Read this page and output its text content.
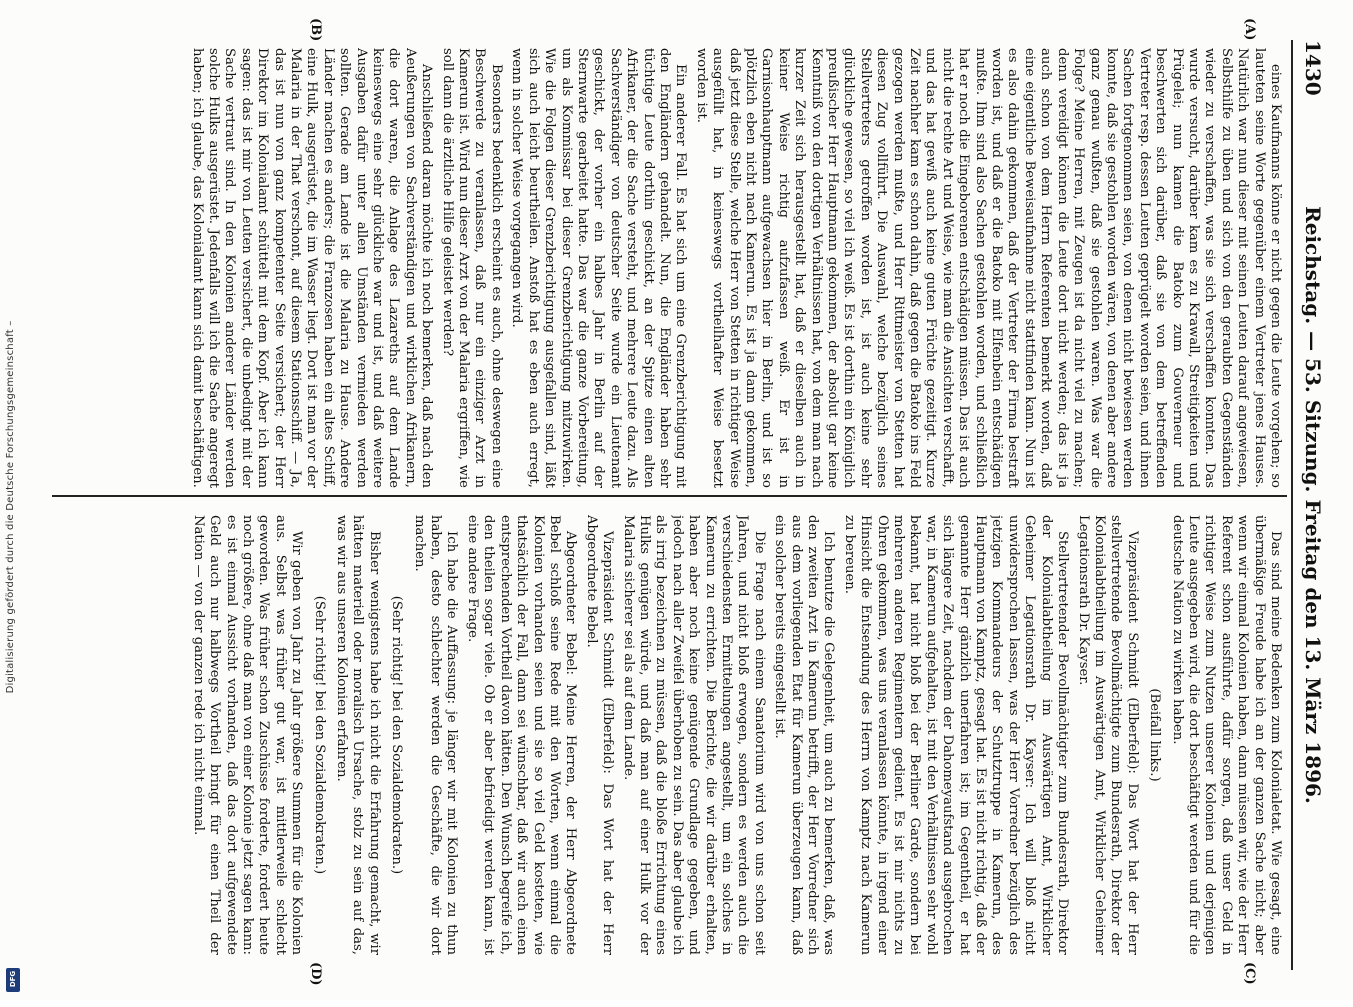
1430
Reichstag. — 53. Sitzung. Freitag den 13. März 1896.
(A)
(B)
(C)
(D)

eines Kaufmanns könne er nicht gegen die Leute vorgehen; so lauteten seine Worte gegenüber einem Vertreter jenes Hauses. Natürlich war nun dieser mit seinen Leuten darauf angewiesen, Selbsthilfe zu üben und sich von den geraubten Gegenständen wieder zu verschaffen, was sie sich verschaffen konnten. Das wurde versucht, darüber kam es zu Krawall, Streitigkeiten und Prügelei; nun kamen die Batoko zum Gouverneur und beschwerten sich darüber, daß sie von dem betreffenden Vertreter resp. dessen Leuten geprügelt worden seien, und ihnen Sachen fortgenommen seien, von denen nicht bewiesen werden konnte, daß sie gestohlen worden wären, von denen aber andere ganz genau wußten, daß sie gestohlen waren. Was war die Folge? Meine Herren, mit Zeugen ist da nicht viel zu machen; denn vereidigt können die Leute dort nicht werden; das ist ja auch schon von dem Herrn Referenten bemerkt worden, daß eine eigentliche Beweisaufnahme nicht stattfinden kann. Nun ist es also dahin gekommen, daß der Vertreter der Firma bestraft worden ist, und daß er die Batoko mit Elfenbein entschädigen mußte. Ihm sind also Sachen gestohlen worden, und schließlich hat er noch die Eingeborenen entschädigen müssen. Das ist auch nicht die rechte Art und Weise, wie man die Ansichten verschafft, und das hat gewiß auch keine guten Früchte gezeitigt. Kurze Zeit nachher kam es schon dahin, daß gegen die Batoko ins Feld gezogen werden mußte, und Herr Rittmeister von Stetten hat diesen Zug vollführt. Die Auswahl, welche bezüglich seines Stellvertreters getroffen worden ist, ist auch keine sehr glückliche gewesen, so viel ich weiß. Es ist dorthin ein Königlich preußischer Herr Hauptmann gekommen, der absolut gar keine Kenntniß von den dortigen Verhältnissen hat, von dem man nach kurzer Zeit sich herausgestellt hat, daß er dieselben auch in keiner Weise richtig aufzufassen weiß. Er ist in Garnisonhauptmann aufgewachsen hier in Berlin, und ist so plötzlich eben nicht nach Kamerun. Es ist ja dann gekommen, daß jetzt diese Stelle, welche Herr von Stetten in richtiger Weise ausgefüllt hat, in keineswegs vortheilhafter Weise besetzt worden ist.

Ein anderer Fall. Es hat sich um eine Grenzberichtigung mit den Engländern gehandelt. Nun, die Engländer haben sehr tüchtige Leute dorthin geschickt, an der Spitze einen alten Afrikaner, der die Sache versteht, und mehrere Leute dazu. Als Sachverständiger von deutscher Seite wurde ein Lieutenant geschickt, der vorher ein halbes Jahr in Berlin auf der Sternwarte gearbeitet hatte. Das war die ganze Vorbereitung, um als Kommissar bei dieser Grenzberichtigung mitzuwirken. Wie die Folgen dieser Grenzberichtigung ausgefallen sind, läßt sich auch leicht beurtheilen. Anstoß hat es eben auch erregt, wenn in solcher Weise vorgegangen wird.

Besonders bedenklich erscheint es auch, ohne deswegen eine Beschwerde zu veranlassen, daß nur ein einziger Arzt in Kamerun ist. Wird nun dieser Arzt von der Malaria ergriffen, wie soll dann die ärztliche Hilfe geleistet werden?

Anschließend daran möchte ich noch bemerken, daß nach den Aeußerungen von Sachverständigen und wirklichen Afrikanern, die dort waren, die Anlage des Lazareths auf dem Lande keineswegs eine sehr glückliche war und ist, und daß weitere Ausgaben dafür unter allen Umständen vermieden werden sollten. Gerade am Lande ist die Malaria zu Hause. Andere Länder machen es anders; die Franzosen haben ein altes Schiff, eine Hulk, ausgerüstet, die im Wasser liegt. Dort ist man vor der Malaria in der That verschont, auf diesem Stationsschiff. — Ja, das ist nun von ganz kompetenter Seite versichert; der Herr Direktor im Kolonialamt schüttelt mit dem Kopf. Aber ich kann sagen: das ist mir von Leuten versichert, die unbedingt mit der Sache vertraut sind. In den Kolonien anderer Länder werden solche Hulks ausgerüstet. Jedenfalls will ich die Sache angeregt haben; ich glaube, das Kolonialamt kann sich damit beschäftigen.

Das sind meine Bedenken zum Kolonialetat. Wie gesagt, eine übermäßige Freude habe ich an der ganzen Sache nicht; aber wenn wir einmal Kolonien haben, dann müssen wir, wie der Herr Referent schon ausführte, dafür sorgen, daß unser Geld in richtiger Weise zum Nutzen unserer Kolonien und derjenigen Leute ausgegeben wird, die dort beschäftigt werden und für die deutsche Nation zu wirken haben.

(Beifall links.)

Vizepräsident Schmidt (Elberfeld): Das Wort hat der Herr stellvertretende Bevollmächtigte zum Bundesrath, Direktor der Kolonialabtheilung im Auswärtigen Amt, Wirklicher Geheimer Legationsrath Dr. Kayser.

Stellvertretender Bevollmächtigter zum Bundesrath, Direktor der Kolonialabtheilung im Auswärtigen Amt, Wirklicher Geheimer Legationsrath Dr. Kayser: Ich will bloß nicht unwidersprochen lassen, was der Herr Vorredner bezüglich des jetzigen Kommandeurs der Schutztruppe in Kamerun, des Hauptmann von Kamptz, gesagt hat. Es ist nicht richtig, daß der genannte Herr gänzlich unerfahren ist; im Gegentheil, er hat sich längere Zeit, nachdem der Dahomeyaufstand ausgebrochen war, in Kamerun aufgehalten, ist mit den Verhältnissen sehr wohl bekannt, hat nicht bloß bei der Berliner Garde, sondern bei mehreren anderen Regimentern gedient. Es ist mir nichts zu Ohren gekommen, was uns veranlassen könnte, in irgend einer Hinsicht die Entsendung des Herrn von Kamptz nach Kamerun zu bereuen.

Ich benutze die Gelegenheit, um auch zu bemerken, daß, was den zweiten Arzt in Kamerun betrifft, der Herr Vorredner sich aus dem vorliegenden Etat für Kamerun überzeugen kann, daß ein solcher bereits eingestellt ist.

Die Frage nach einem Sanatorium wird von uns schon seit Jahren, und nicht bloß erwogen, sondern es werden auch die verschiedensten Ermittelungen angestellt, um ein solches in Kamerun zu errichten. Die Berichte, die wir darüber erhalten, haben aber noch keine genügende Grundlage gegeben, und jedoch nach aller Zweifel überhoben zu sein. Das aber glaube ich als irrig bezeichnen zu müssen, daß die bloße Errichtung eines Hulks genügen würde, und daß man auf einer Hulk vor der Malaria sicherer sei als auf dem Lande.

Vizepräsident Schmidt (Elberfeld): Das Wort hat der Herr Abgeordnete Bebel.

Abgeordneter Bebel: Meine Herren, der Herr Abgeordnete Bebel schloß seine Rede mit den Worten, wenn einmal die Kolonien vorhanden seien und sie so viel Geld kosteten, wie thatsächlich der Fall, dann sei wünschbar, daß wir auch einen entsprechenden Vortheil davon hätten. Den Wunsch begreife ich, den theilen sogar viele. Ob er aber befriedigt werden kann, ist eine andere Frage.

Ich habe die Auffassung: je länger wir mit Kolonien zu thun haben, desto schlechter werden die Geschäfte, die wir dort machen.

(Sehr richtig! bei den Sozialdemokraten.)

Bisher wenigstens habe ich nicht die Erfahrung gemacht, wir hätten materiell oder moralisch Ursache, stolz zu sein auf das, was wir aus unseren Kolonien erfahren.

(Sehr richtig! bei den Sozialdemokraten.)

Wir geben von Jahr zu Jahr größere Summen für die Kolonien aus. Selbst was früher gut war, ist mittlerweile schlecht geworden. Was früher schon Zuschüsse forderte, fordert heute noch größere, ohne daß man von einer Kolonie jetzt sagen kann: es ist einmal Aussicht vorhanden, daß das dort aufgewendete Geld auch nur halbwegs Vortheil bringt für einen Theil der Nation — von der ganzen rede ich nicht einmal.

Digitalisierung gefördert durch die Deutsche Forschungsgemeinschaft –
DFG
